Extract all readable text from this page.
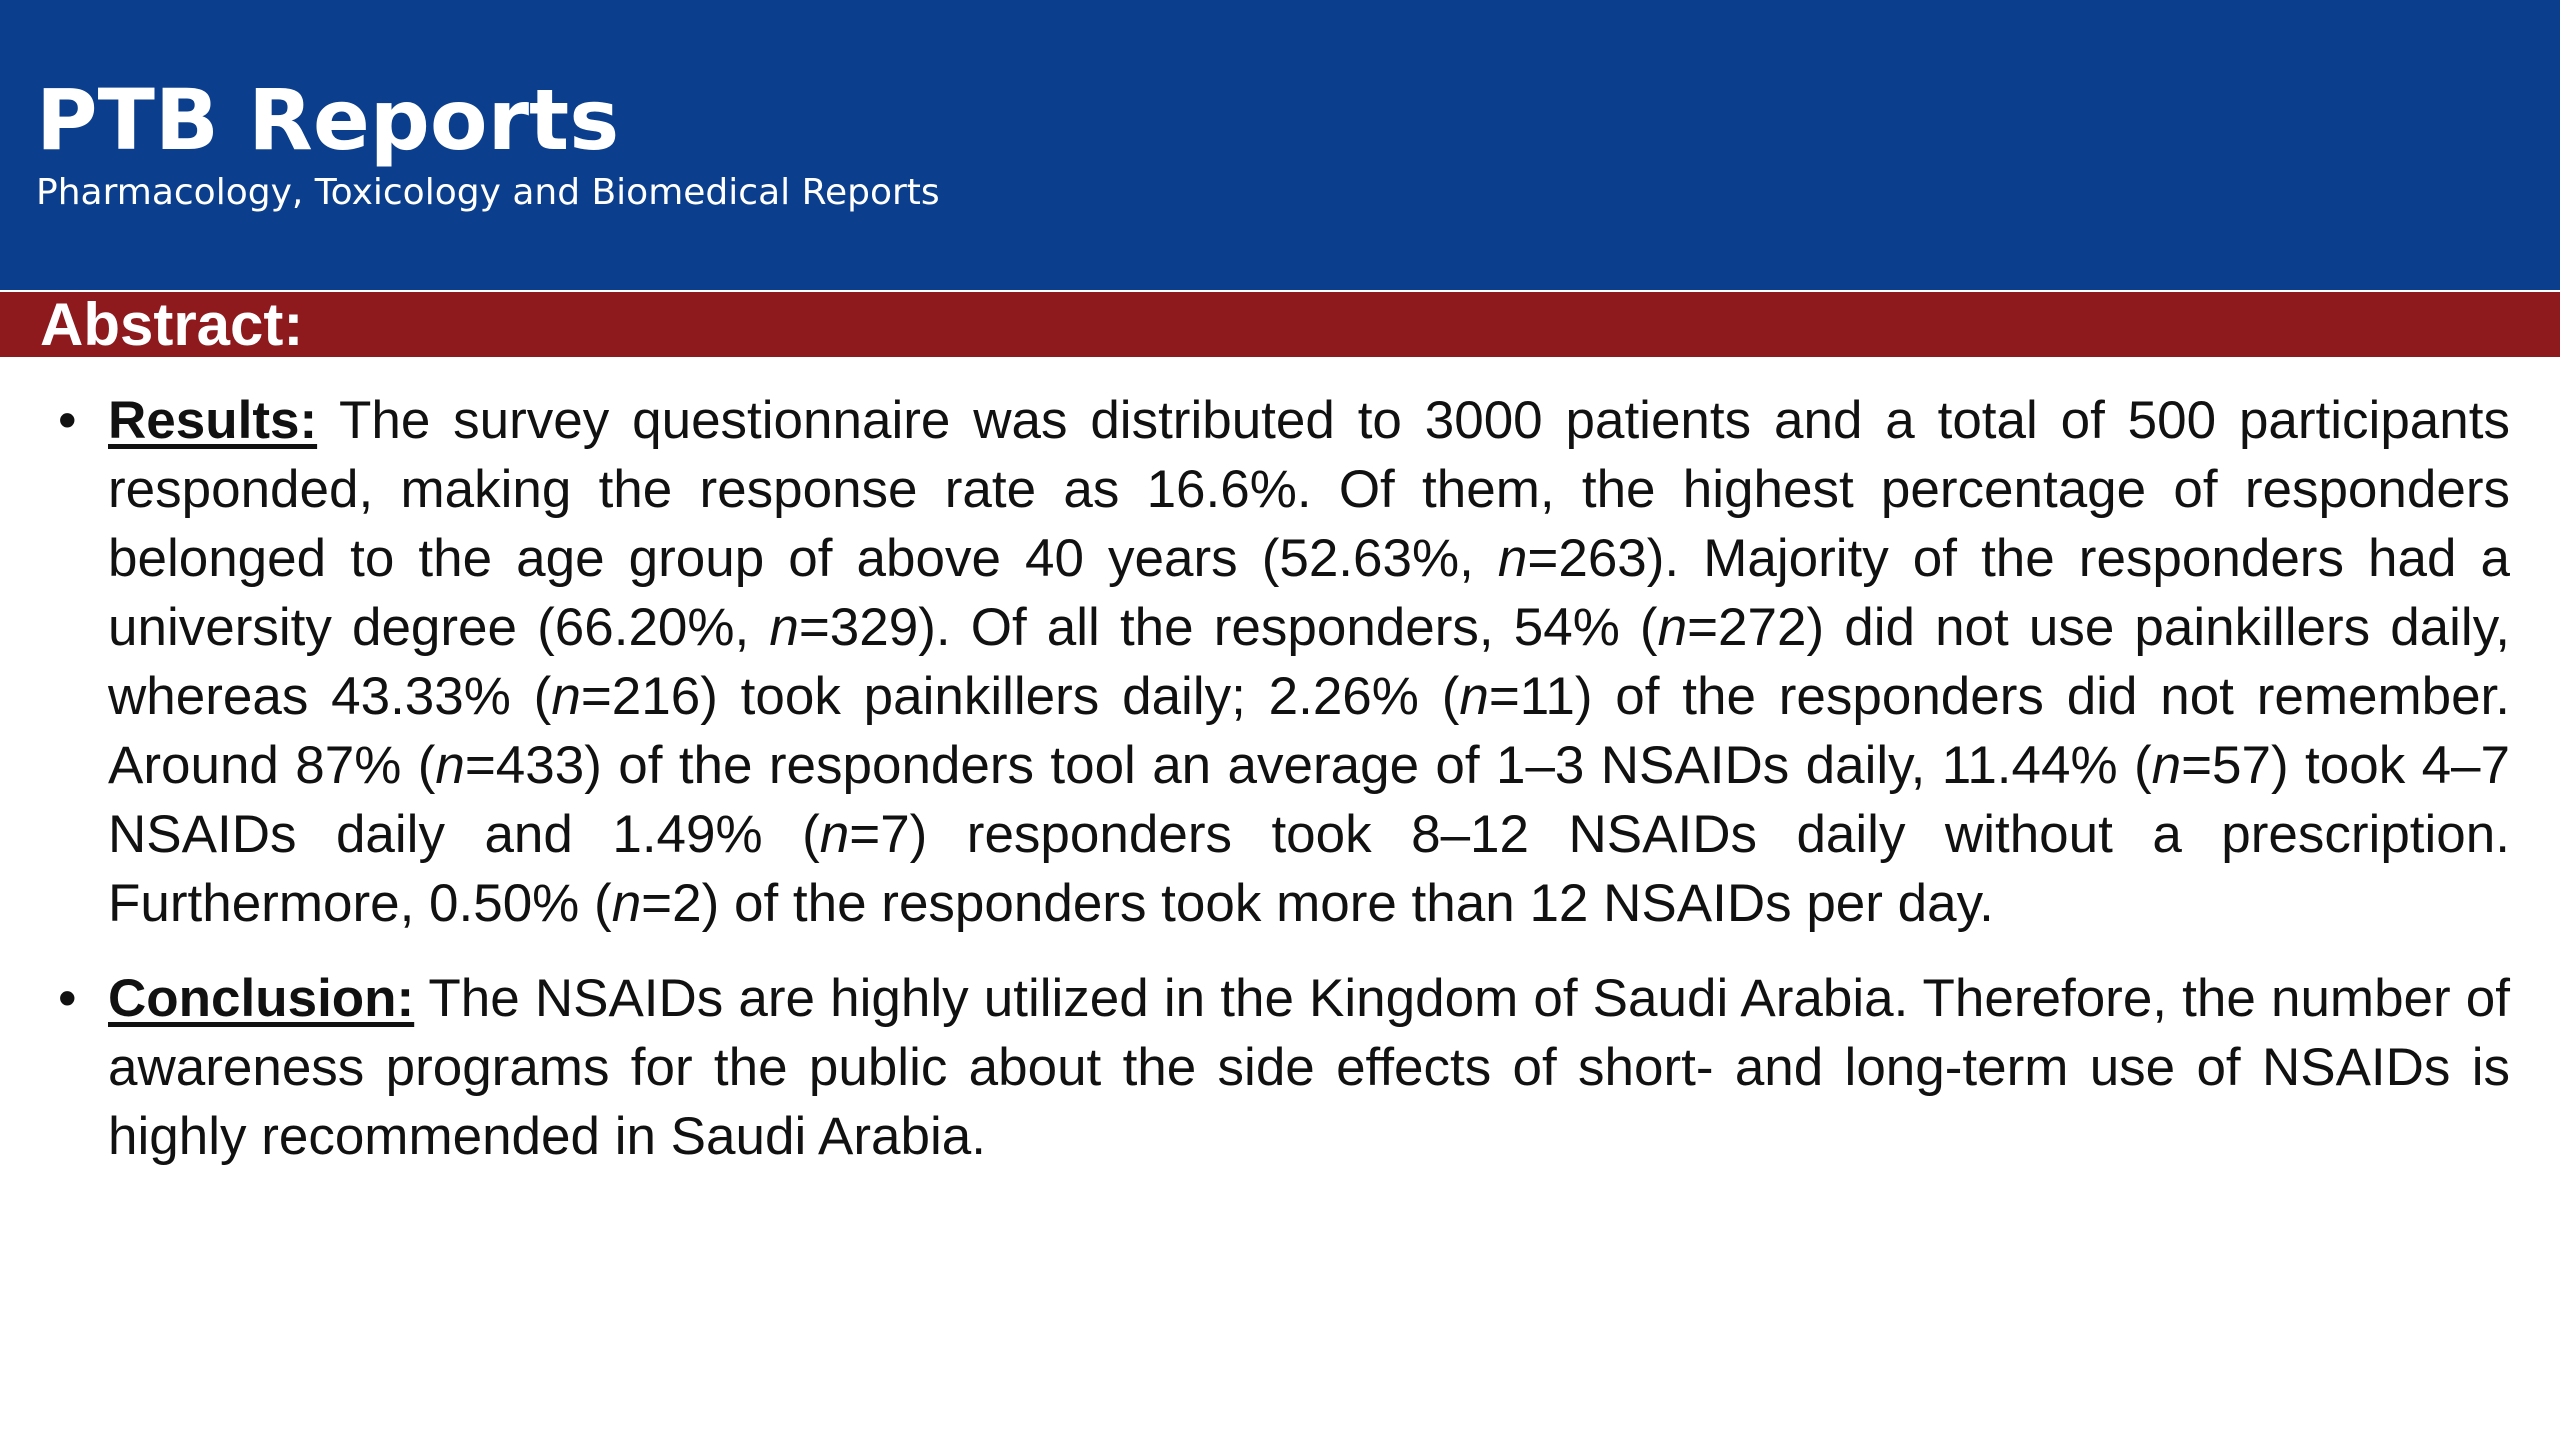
PTB Reports

Pharmacology, Toxicology and Biomedical Reports

Abstract:
• Results: The survey questionnaire was distributed to 3000 patients and a total of 500 participants responded, making the response rate as 16.6%. Of them, the highest percentage of responders belonged to the age group of above 40 years (52.63%, n=263). Majority of the responders had a university degree (66.20%, n=329). Of all the responders, 54% (n=272) did not use painkillers daily, whereas 43.33% (n=216) took painkillers daily; 2.26% (n=11) of the responders did not remember. Around 87% (n=433) of the responders tool an average of 1–3 NSAIDs daily, 11.44% (n=57) took 4–7 NSAIDs daily and 1.49% (n=7) responders took 8–12 NSAIDs daily without a prescription. Furthermore, 0.50% (n=2) of the responders took more than 12 NSAIDs per day.
• Conclusion: The NSAIDs are highly utilized in the Kingdom of Saudi Arabia. Therefore, the number of awareness programs for the public about the side effects of short- and long-term use of NSAIDs is highly recommended in Saudi Arabia.
